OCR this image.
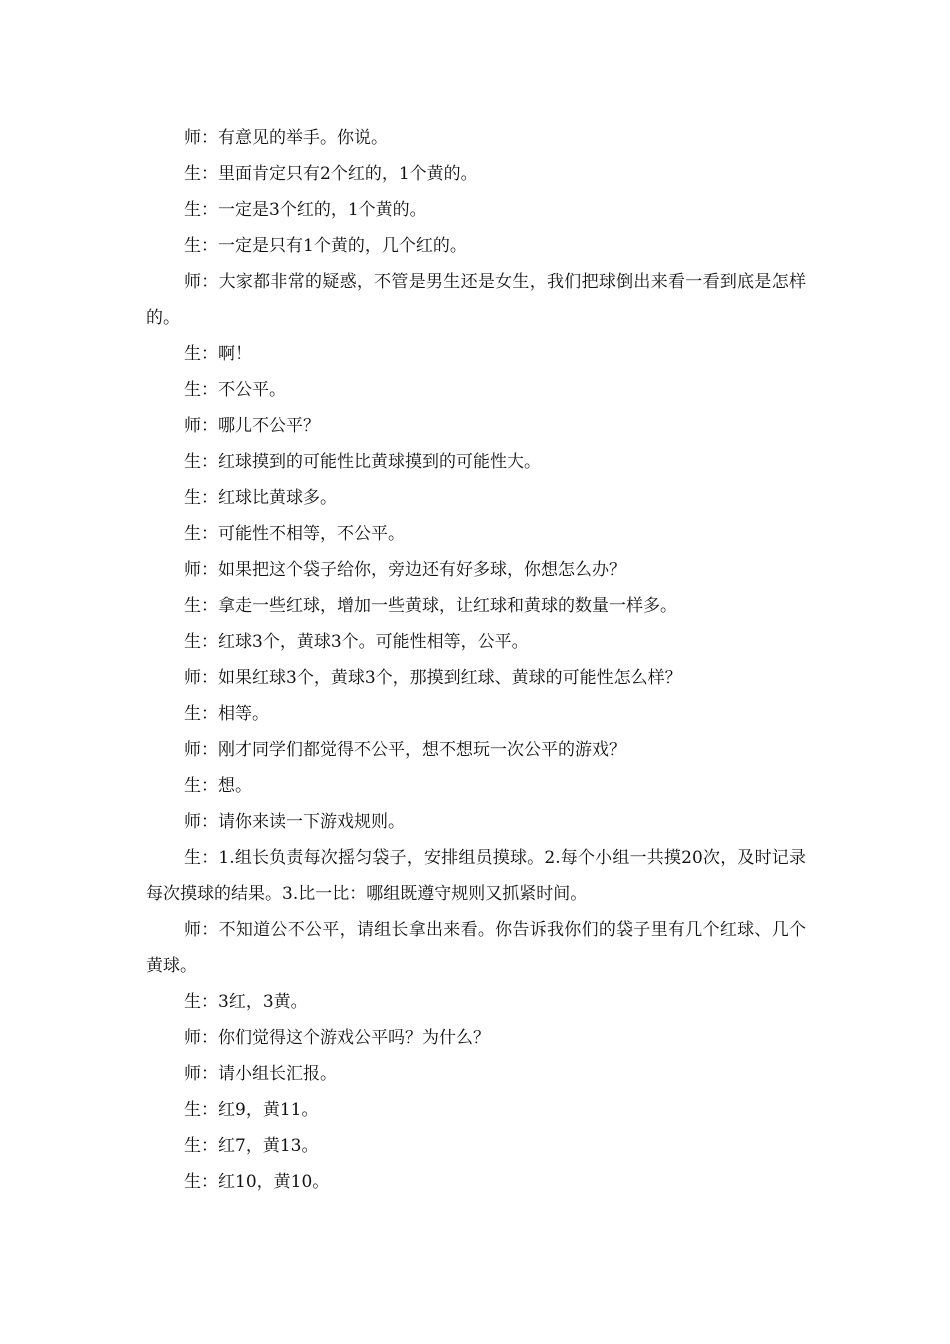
师：有意见的举手。你说。

生：里面肯定只有2个红的，1个黄的。

生：一定是3个红的，1个黄的。

生：一定是只有1个黄的，几个红的。

师：大家都非常的疑惑，不管是男生还是女生，我们把球倒出来看一看到底是怎样的。

生：啊！

生：不公平。

师：哪儿不公平？

生：红球摸到的可能性比黄球摸到的可能性大。

生：红球比黄球多。

生：可能性不相等，不公平。

师：如果把这个袋子给你，旁边还有好多球，你想怎么办？

生：拿走一些红球，增加一些黄球，让红球和黄球的数量一样多。

生：红球3个，黄球3个。可能性相等，公平。

师：如果红球3个，黄球3个，那摸到红球、黄球的可能性怎么样？

生：相等。

师：刚才同学们都觉得不公平，想不想玩一次公平的游戏？

生：想。

师：请你来读一下游戏规则。

生：1.组长负责每次摇匀袋子，安排组员摸球。2.每个小组一共摸20次，及时记录每次摸球的结果。3.比一比：哪组既遵守规则又抓紧时间。

师：不知道公不公平，请组长拿出来看。你告诉我你们的袋子里有几个红球、几个黄球。

生：3红，3黄。

师：你们觉得这个游戏公平吗？为什么？

师：请小组长汇报。

生：红9，黄11。

生：红7，黄13。

生：红10，黄10。
